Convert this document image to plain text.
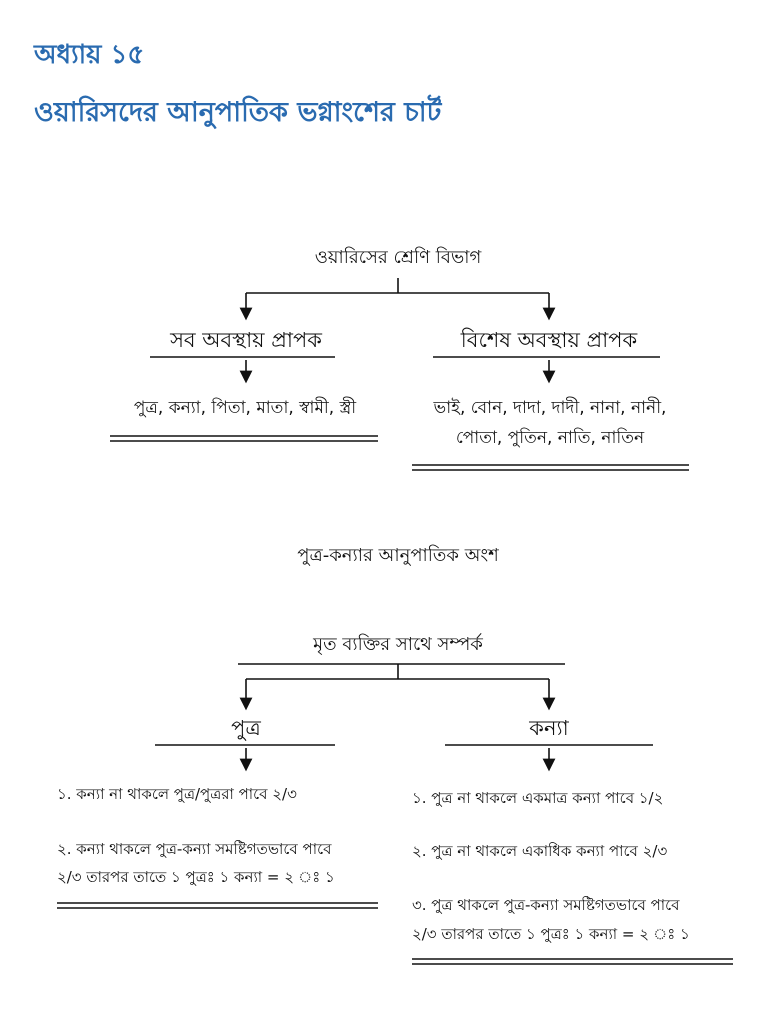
অধ্যায় ১৫
ওয়ারিসদের আনুপাতিক ভগ্নাংশের চার্ট
ওয়ারিসের শ্রেণি বিভাগ
সব অবস্থায় প্রাপক	বিশেষ অবস্থায় প্রাপক
পুত্র, কন্যা, পিতা, মাতা, স্বামী, স্ত্রী	ভাই, বোন, দাদা, দাদী, নানা, নানী,
পোতা, পুতিন, নাতি, নাতিন
পুত্র-কন্যার আনুপাতিক অংশ
মৃত ব্যক্তির সাথে সম্পর্ক
পুত্র	কন্যা
১. কন্যা না থাকলে পুত্র/পুত্ররা পাবে ২/৩
২. কন্যা থাকলে পুত্র-কন্যা সমষ্টিগতভাবে পাবে
২/৩ তারপর তাতে ১ পুত্রঃ ১ কন্যা = ২ ঃ ১
১. পুত্র না থাকলে একমাত্র কন্যা পাবে ১/২
২. পুত্র না থাকলে একাধিক কন্যা পাবে ২/৩
৩. পুত্র থাকলে পুত্র-কন্যা সমষ্টিগতভাবে পাবে
২/৩ তারপর তাতে ১ পুত্রঃ ১ কন্যা = ২ ঃ ১
